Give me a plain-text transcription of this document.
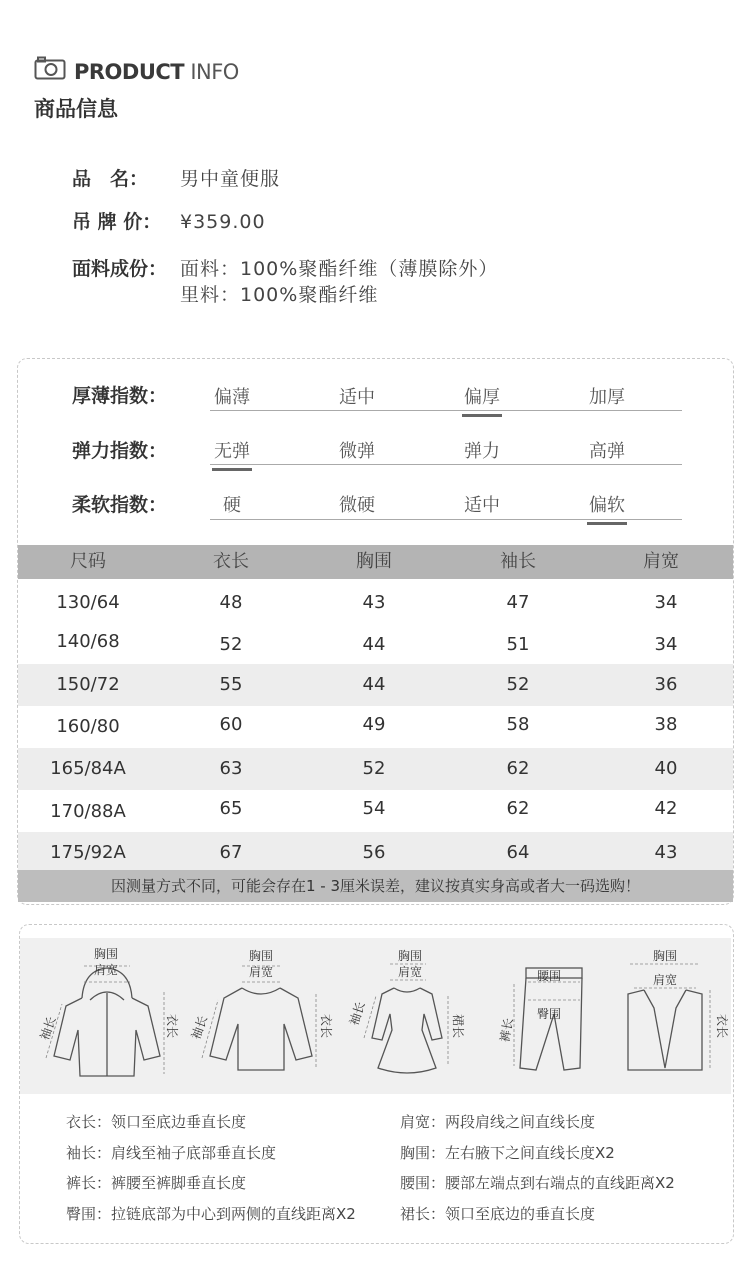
PRODUCT INFO
商品信息
品　名： 男中童便服
吊 牌 价： ¥359.00
面料成份： 面料：100%聚酯纤维（薄膜除外）
里料：100%聚酯纤维
厚薄指数：	偏薄	适中	偏厚	加厚
弹力指数：	无弹	微弹	弹力	高弹
柔软指数：	硬	微硬	适中	偏软
尺码	衣长	胸围	袖长	肩宽
130/64	48	43	47	34
140/68	52	44	51	34
150/72	55	44	52	36
160/80	60	49	58	38
165/84A	63	52	62	40
170/88A	65	54	62	42
175/92A	67	56	64	43
因测量方式不同，可能会存在1 - 3厘米误差，建议按真实身高或者大一码选购！
胸围
肩宽
袖长	衣长
胸围
肩宽
袖长	衣长
胸围
肩宽
袖长	裙长
腰围
臀围
裤长
胸围
肩宽
衣长
衣长：领口至底边垂直长度
袖长：肩线至袖子底部垂直长度
裤长：裤腰至裤脚垂直长度
臀围：拉链底部为中心到两侧的直线距离X2
肩宽：两段肩线之间直线长度
胸围：左右腋下之间直线长度X2
腰围：腰部左端点到右端点的直线距离X2
裙长：领口至底边的垂直长度
